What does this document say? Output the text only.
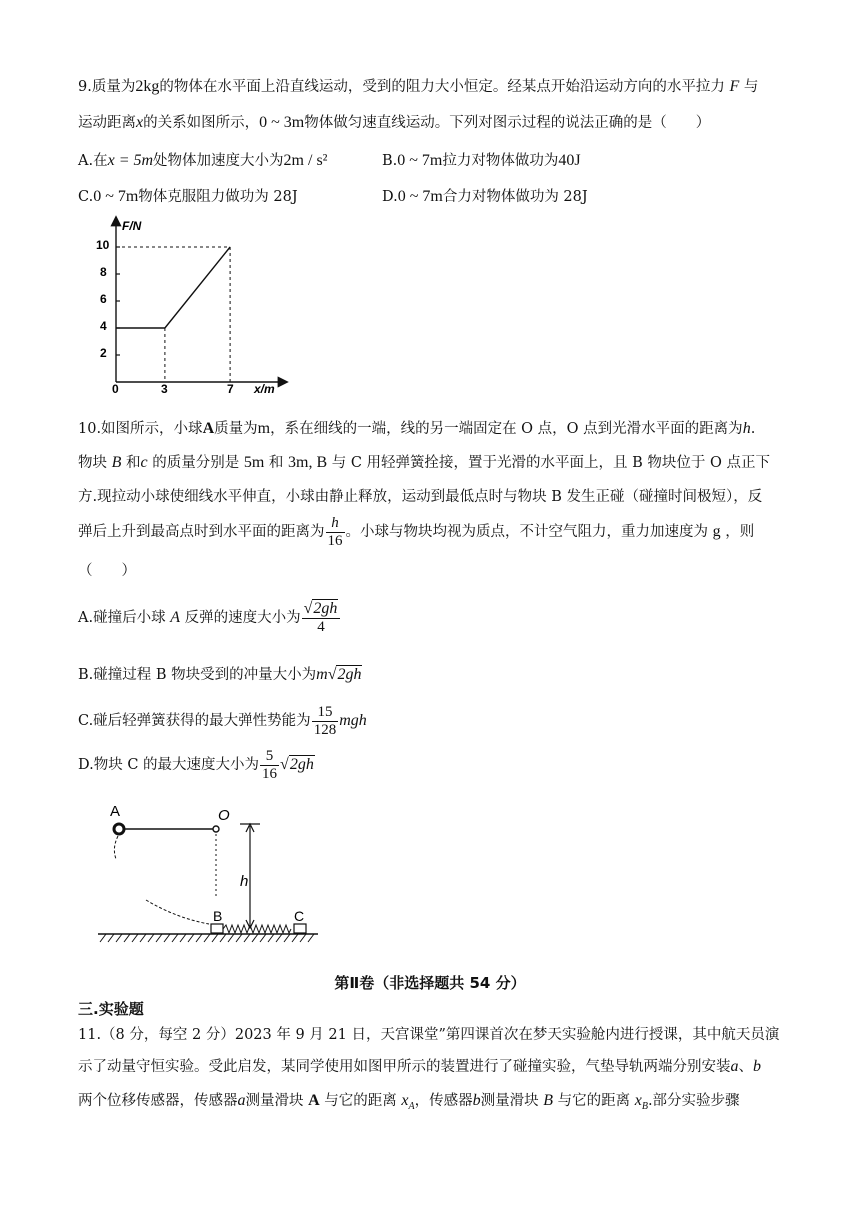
9.质量为2kg的物体在水平面上沿直线运动，受到的阻力大小恒定。经某点开始沿运动方向的水平拉力 F 与
运动距离x的关系如图所示，0 ~ 3m物体做匀速直线运动。下列对图示过程的说法正确的是（　　）
A.在x = 5m处物体加速度大小为2m / s²	B.0 ~ 7m拉力对物体做功为40J
C.0 ~ 7m物体克服阻力做功为 28J	D.0 ~ 7m合力对物体做功为 28J
F/N
x/m
2
4
6
8
10
0	3	7
10.如图所示，小球A质量为m，系在细线的一端，线的另一端固定在 O 点，O 点到光滑水平面的距离为h.
物块 B 和c 的质量分别是 5m 和 3m, B 与 C 用轻弹簧拴接，置于光滑的水平面上，且 B 物块位于 O 点正下
方.现拉动小球使细线水平伸直，小球由静止释放，运动到最低点时与物块 B 发生正碰（碰撞时间极短），反
弹后上升到最高点时到水平面的距离为 $\frac{h}{16}$ 。小球与物块均视为质点，不计空气阻力，重力加速度为 g ，则
（　　）
A.碰撞后小球 A 反弹的速度大小为 $\frac{√2gh}{4}$
B.碰撞过程 B 物块受到的冲量大小为m√2gh
C.碰后轻弹簧获得的最大弹性势能为 $\frac{15}{128}$ mgh
D.物块 C 的最大速度大小为 $\frac{5}{16} √2gh$
A	O
h
B	C
第Ⅱ卷（非选择题共 54 分）
三.实验题
11.（8 分，每空 2 分）2023 年 9 月 21 日，天宫课堂”第四课首次在梦天实验舱内进行授课，其中航天员演
示了动量守恒实验。受此启发，某同学使用如图甲所示的装置进行了碰撞实验，气垫导轨两端分别安装a、b
两个位移传感器，传感器a测量滑块 A 与它的距离 $x_A$，传感器b测量滑块 B 与它的距离 $x_B$.部分实验步骤
